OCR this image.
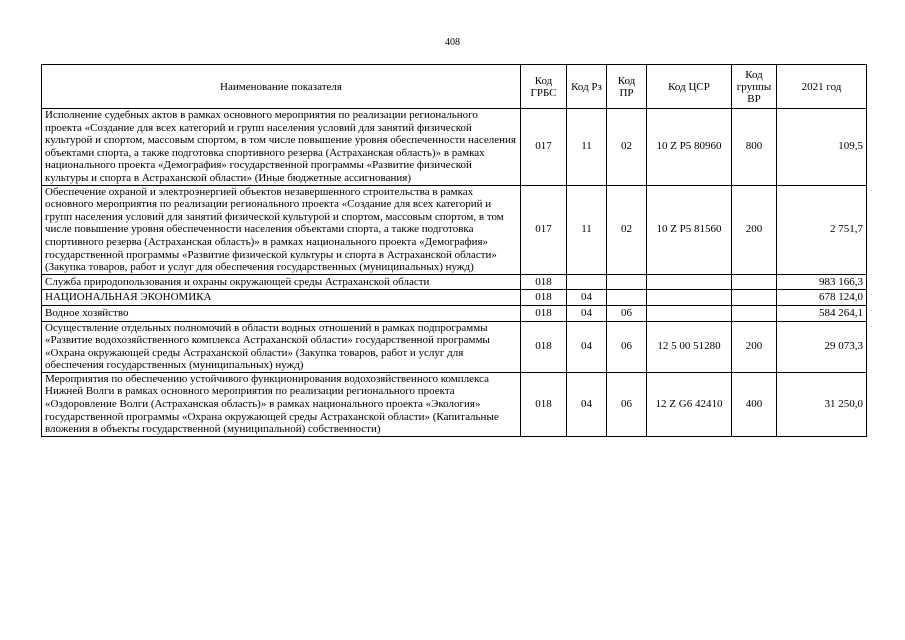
408
Наименование показателя	Код ГРБС	Код Рз	Код ПР	Код ЦСР	Код группы ВР	2021 год
Исполнение судебных актов в рамках основного мероприятия по реализации регионального проекта «Создание для всех категорий и групп населения условий для занятий физической культурой и спортом, массовым спортом, в том числе повышение уровня обеспеченности населения объектами спорта, а также подготовка спортивного резерва (Астраханская область)» в рамках национального проекта «Демография» государственной программы «Развитие физической культуры и спорта в Астраханской области» (Иные бюджетные ассигнования)	017	11	02	10 Z P5 80960	800	109,5
Обеспечение охраной и электроэнергией объектов незавершенного строительства в рамках основного мероприятия по реализации регионального проекта «Создание для всех категорий и групп населения условий для занятий физической культурой и спортом, массовым спортом, в том числе повышение уровня обеспеченности населения объектами спорта, а также подготовка спортивного резерва (Астраханская область)» в рамках национального проекта «Демография» государственной программы «Развитие физической культуры и спорта в Астраханской области» (Закупка товаров, работ и услуг для обеспечения государственных (муниципальных) нужд)	017	11	02	10 Z P5 81560	200	2 751,7
Служба природопользования и охраны окружающей среды Астраханской области	018					983 166,3
НАЦИОНАЛЬНАЯ ЭКОНОМИКА	018	04				678 124,0
Водное хозяйство	018	04	06			584 264,1
Осуществление отдельных полномочий в области водных отношений в рамках подпрограммы «Развитие водохозяйственного комплекса Астраханской области» государственной программы «Охрана окружающей среды Астраханской области» (Закупка товаров, работ и услуг для обеспечения государственных (муниципальных) нужд)	018	04	06	12 5 00 51280	200	29 073,3
Мероприятия по обеспечению устойчивого функционирования водохозяйственного комплекса Нижней Волги в рамках основного мероприятия по реализации регионального проекта «Оздоровление Волги (Астраханская область)» в рамках национального проекта «Экология» государственной программы «Охрана окружающей среды Астраханской области» (Капитальные вложения в объекты государственной (муниципальной) собственности)	018	04	06	12 Z G6 42410	400	31 250,0
